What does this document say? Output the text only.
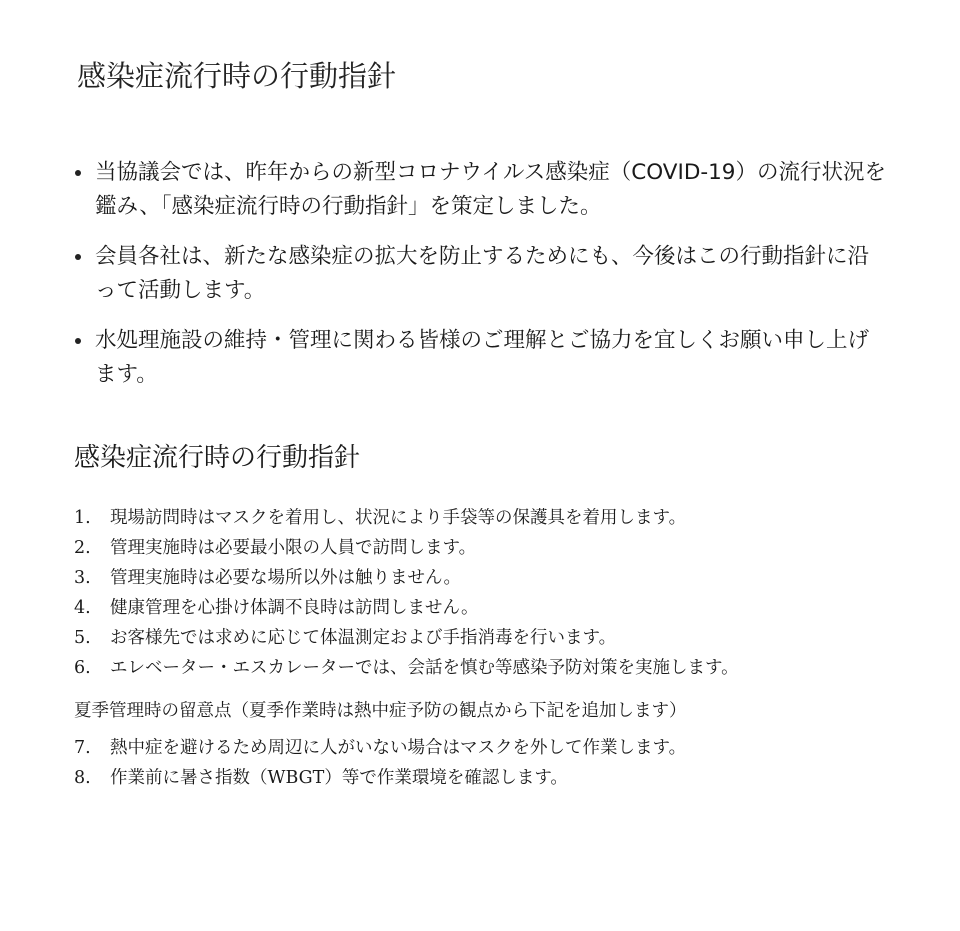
感染症流行時の行動指針
当協議会では、昨年からの新型コロナウイルス感染症（COVID-19）の流行状況を鑑み、「感染症流行時の行動指針」を策定しました。
会員各社は、新たな感染症の拡大を防止するためにも、今後はこの行動指針に沿って活動します。
水処理施設の維持・管理に関わる皆様のご理解とご協力を宜しくお願い申し上げます。
感染症流行時の行動指針
1. 現場訪問時はマスクを着用し、状況により手袋等の保護具を着用します。
2. 管理実施時は必要最小限の人員で訪問します。
3. 管理実施時は必要な場所以外は触りません。
4. 健康管理を心掛け体調不良時は訪問しません。
5. お客様先では求めに応じて体温測定および手指消毒を行います。
6. エレベーター・エスカレーターでは、会話を慎む等感染予防対策を実施します。

夏季管理時の留意点（夏季作業時は熱中症予防の観点から下記を追加します）

7. 熱中症を避けるため周辺に人がいない場合はマスクを外して作業します。
8. 作業前に暑さ指数（WBGT）等で作業環境を確認します。
